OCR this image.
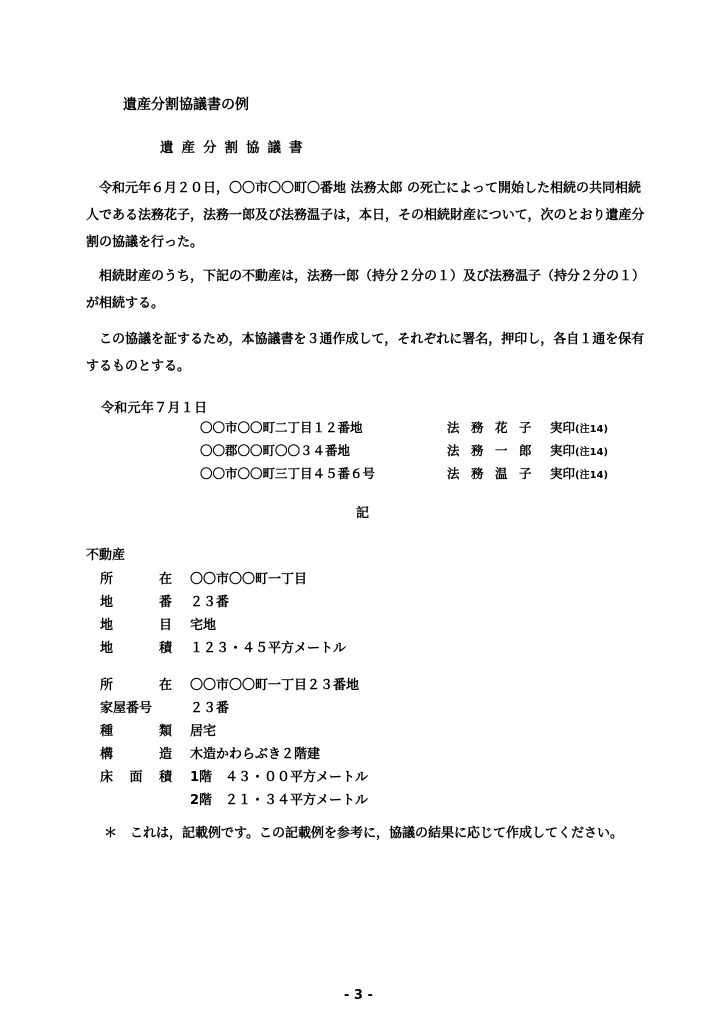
遺産分割協議書の例
遺産分割協議書

令和元年６月２０日，〇〇市〇〇町〇番地 法務太郎 の死亡によって開始した相続の共同相続人である法務花子，法務一郎及び法務温子は，本日，その相続財産について，次のとおり遺産分割の協議を行った。

相続財産のうち，下記の不動産は，法務一郎（持分２分の１）及び法務温子（持分２分の１）が相続する。

この協議を証するため，本協議書を３通作成して，それぞれに署名，押印し，各自１通を保有するものとする。

令和元年７月１日
〇〇市〇〇町二丁目１２番地	法 務 花 子	実印(注14)
〇〇郡〇〇町〇〇３４番地	法 務 一 郎	実印(注14)
〇〇市〇〇町三丁目４５番６号	法 務 温 子	実印(注14)
記
不動産
所	在 〇〇市〇〇町一丁目
地	番 ２３番
地	目 宅地
地	積 １２３・４５平方メートル
所	在 〇〇市〇〇町一丁目２３番地
家屋番号	２３番
種	類 居宅
構	造 木造かわらぶき２階建
床 面 積 1階　４３・００平方メートル
2階　２１・３４平方メートル
＊　これは，記載例です。この記載例を参考に，協議の結果に応じて作成してください。
- 3 -
